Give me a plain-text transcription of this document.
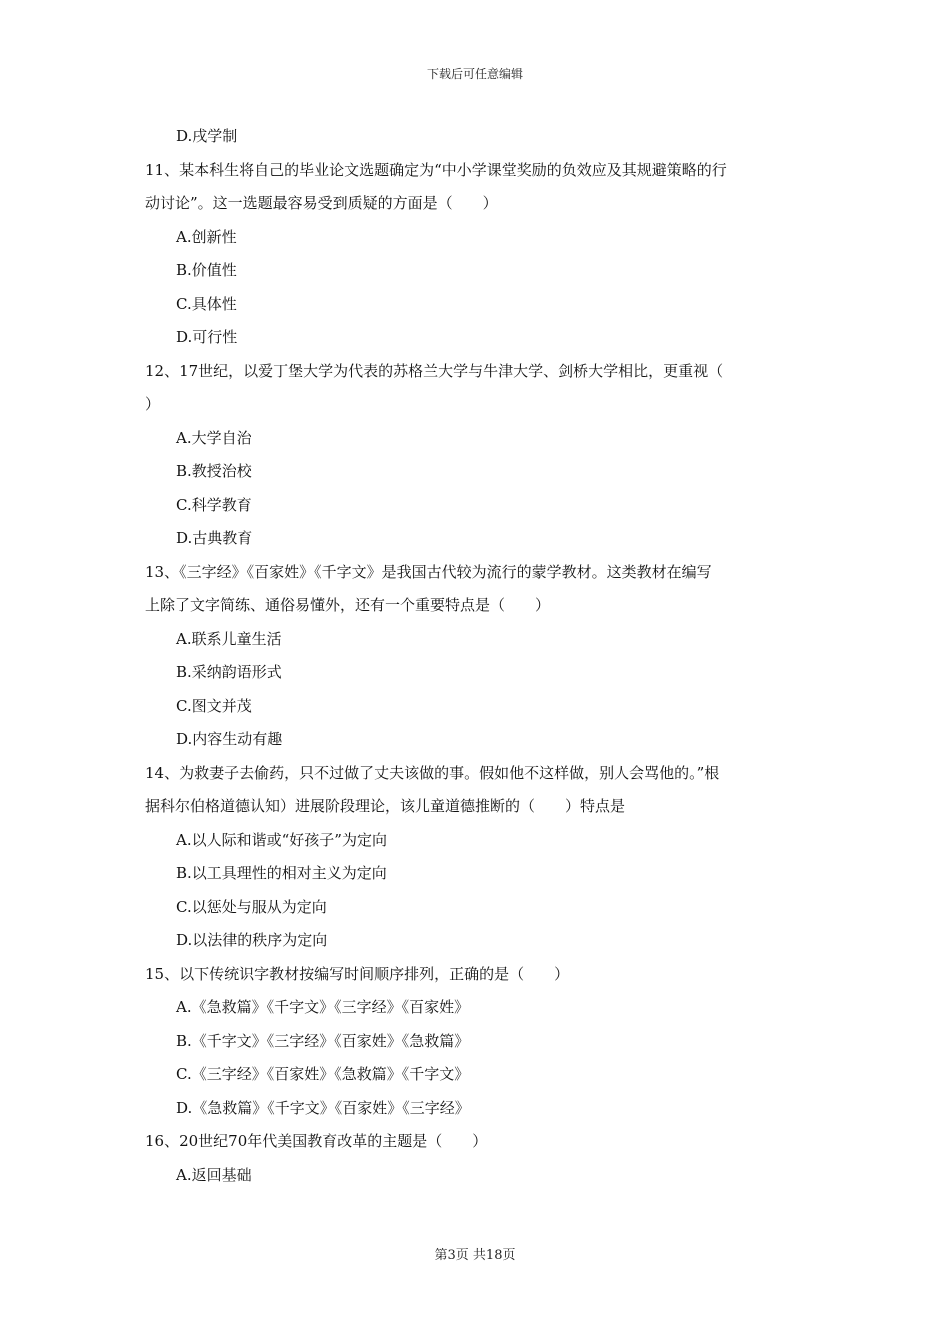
下载后可任意编辑
D.戌学制
11、某本科生将自己的毕业论文选题确定为“中小学课堂奖励的负效应及其规避策略的行
动讨论”。这一选题最容易受到质疑的方面是（　　）
A.创新性
B.价值性
C.具体性
D.可行性
12、17世纪，以爱丁堡大学为代表的苏格兰大学与牛津大学、剑桥大学相比，更重视（
）
A.大学自治
B.教授治校
C.科学教育
D.古典教育
13、《三字经》《百家姓》《千字文》是我国古代较为流行的蒙学教材。这类教材在编写
上除了文字简练、通俗易懂外，还有一个重要特点是（　　）
A.联系儿童生活
B.采纳韵语形式
C.图文并茂
D.内容生动有趣
14、为救妻子去偷药，只不过做了丈夫该做的事。假如他不这样做，别人会骂他的。”根
据科尔伯格道德认知）进展阶段理论，该儿童道德推断的（　　）特点是
A.以人际和谐或“好孩子”为定向
B.以工具理性的相对主义为定向
C.以惩处与服从为定向
D.以法律的秩序为定向
15、以下传统识字教材按编写时间顺序排列，正确的是（　　）
A.《急救篇》《千字文》《三字经》《百家姓》
B.《千字文》《三字经》《百家姓》《急救篇》
C.《三字经》《百家姓》《急救篇》《千字文》
D.《急救篇》《千字文》《百家姓》《三字经》
16、20世纪70年代美国教育改革的主题是（　　）
A.返回基础
第3页 共18页
